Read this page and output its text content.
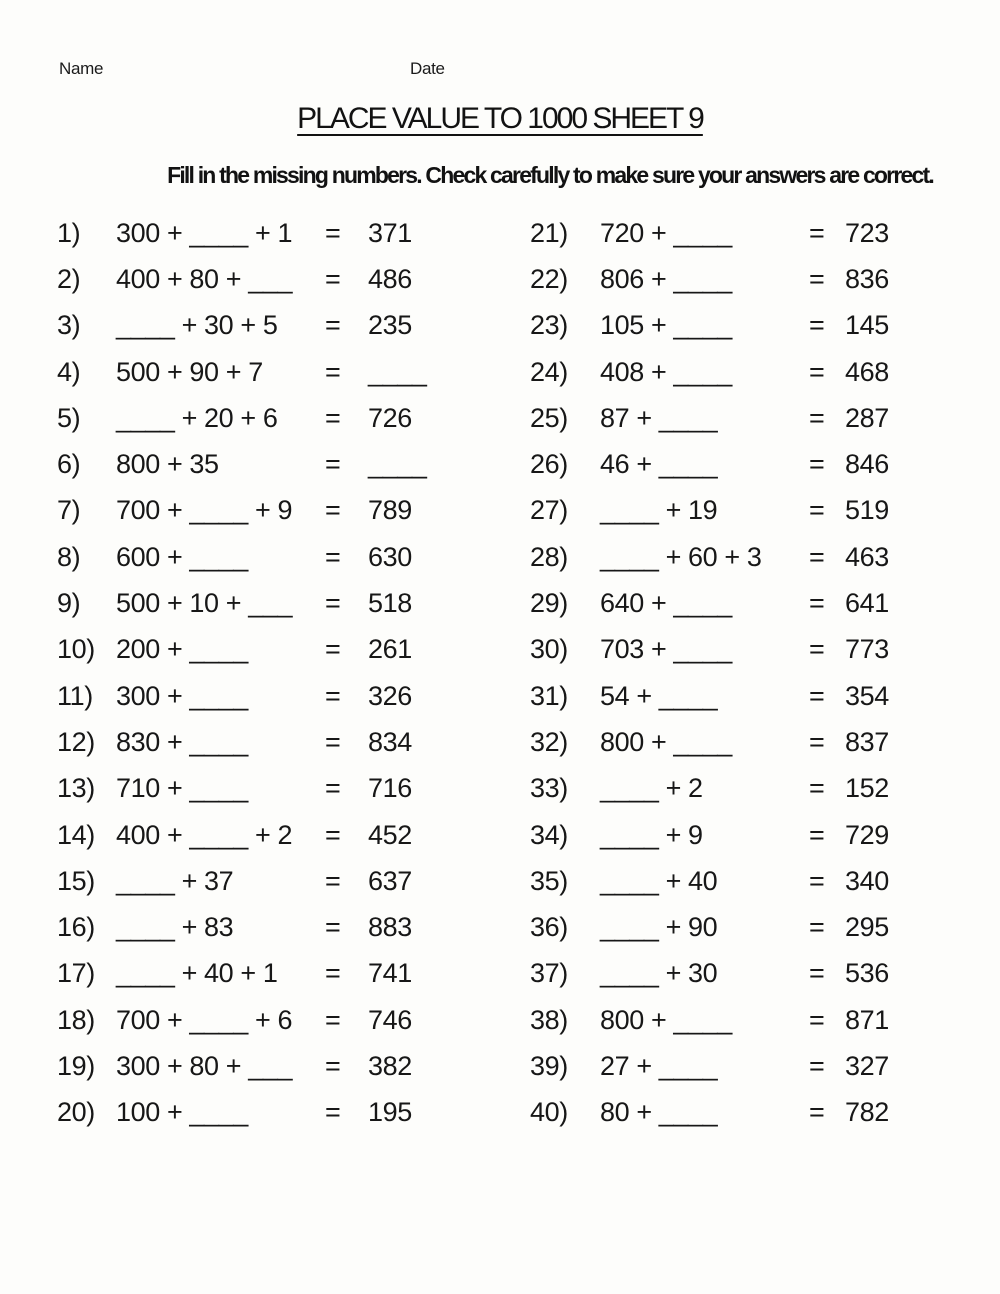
Name	Date
PLACE VALUE TO 1000 SHEET 9
Fill in the missing numbers. Check carefully to make sure your answers are correct.
1)	300 + ____ + 1	=	371
2)	400 + 80 + ___	=	486
3)	____ + 30 + 5	=	235
4)	500 + 90 + 7	=	____
5)	____ + 20 + 6	=	726
6)	800 + 35	=	____
7)	700 + ____ + 9	=	789
8)	600 + ____	=	630
9)	500 + 10 + ___	=	518
10) 200 + ____	=	261
11) 300 + ____	=	326
12) 830 + ____	=	834
13) 710 + ____	=	716
14) 400 + ____ + 2	=	452
15) ____ + 37	=	637
16) ____ + 83	=	883
17) ____ + 40 + 1	=	741
18) 700 + ____ + 6	=	746
19) 300 + 80 + ___	=	382
20) 100 + ____	=	195
21)	720 + ____	= 723
22)	806 + ____	= 836
23)	105 + ____	= 145
24)	408 + ____	= 468
25)	87 + ____	= 287
26)	46 + ____	= 846
27)	____ + 19	= 519
28)	____ + 60 + 3	= 463
29)	640 + ____	= 641
30)	703 + ____	= 773
31)	54 + ____	= 354
32)	800 + ____	= 837
33)	____ + 2	= 152
34)	____ + 9	= 729
35)	____ + 40	= 340
36)	____ + 90	= 295
37)	____ + 30	= 536
38)	800 + ____	= 871
39)	27 + ____	= 327
40)	80 + ____	= 782
